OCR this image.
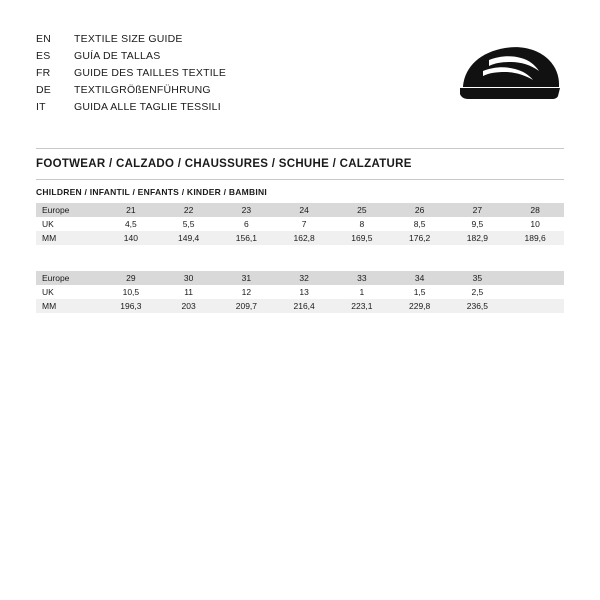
EN	TEXTILE SIZE GUIDE
ES	GUÍA DE TALLAS
FR	GUIDE DES TAILLES TEXTILE
DE	TEXTILGRÖßENFÜHRUNG
IT	GUIDA ALLE TAGLIE TESSILI
FOOTWEAR / CALZADO / CHAUSSURES / SCHUHE / CALZATURE
CHILDREN / INFANTIL / ENFANTS / KINDER / BAMBINI
Europe	21	22	23	24	25	26	27	28
UK	4,5	5,5	6	7	8	8,5	9,5	10
MM	140	149,4	156,1	162,8	169,5	176,2	182,9	189,6
Europe	29	30	31	32	33	34	35	
UK	10,5	11	12	13	1	1,5	2,5	
MM	196,3	203	209,7	216,4	223,1	229,8	236,5	
